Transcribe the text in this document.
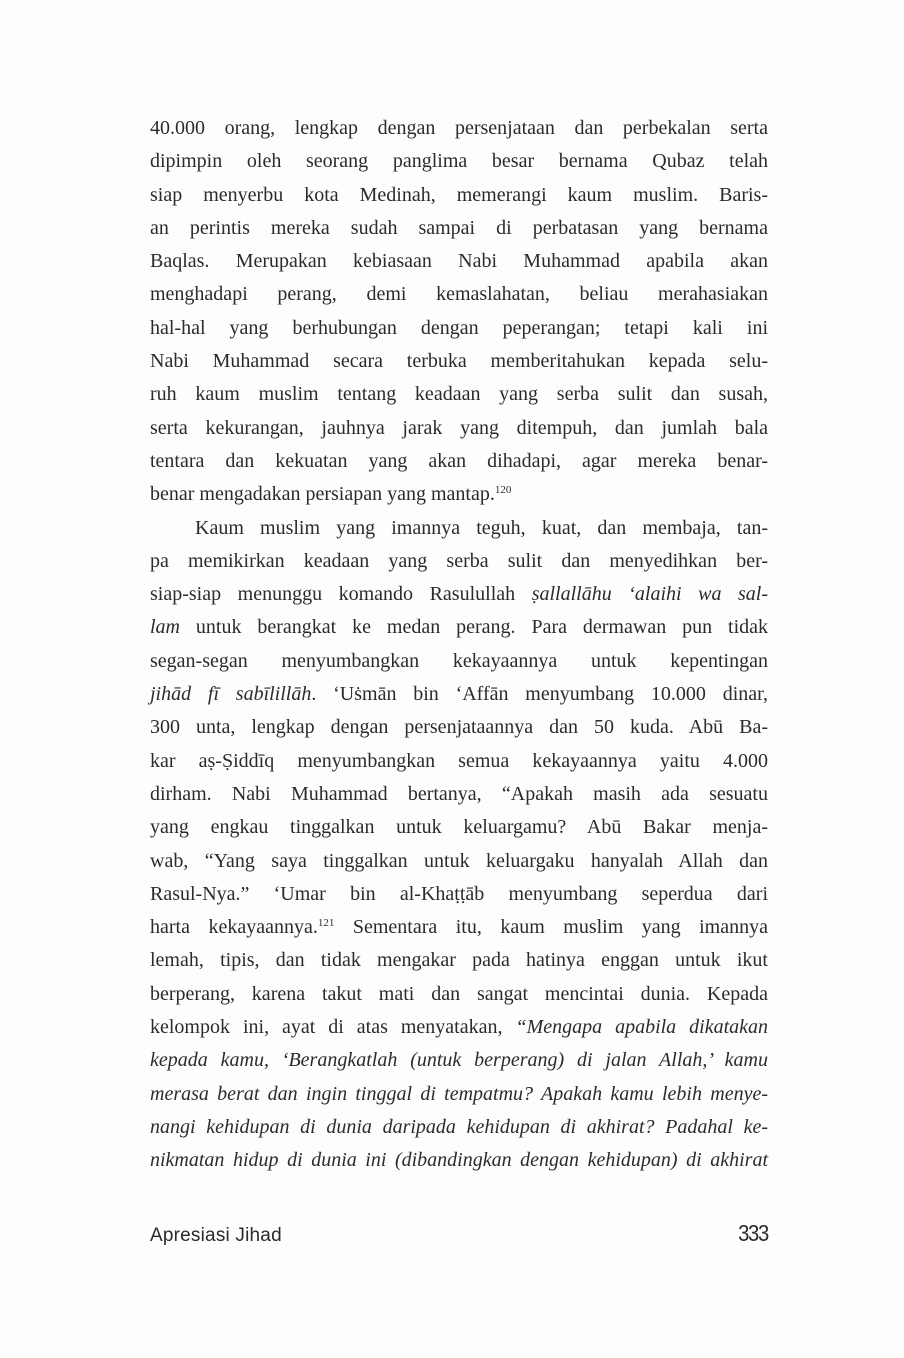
40.000 orang, lengkap dengan persenjataan dan perbekalan serta
dipimpin oleh seorang panglima besar bernama Qubaz telah
siap menyerbu kota Medinah, memerangi kaum muslim. Baris-
an perintis mereka sudah sampai di perbatasan yang bernama
Baqlas. Merupakan kebiasaan Nabi Muhammad apabila akan
menghadapi perang, demi kemaslahatan, beliau merahasiakan
hal-hal yang berhubungan dengan peperangan; tetapi kali ini
Nabi Muhammad secara terbuka memberitahukan kepada selu-
ruh kaum muslim tentang keadaan yang serba sulit dan susah,
serta kekurangan, jauhnya jarak yang ditempuh, dan jumlah bala
tentara dan kekuatan yang akan dihadapi, agar mereka benar-
benar mengadakan persiapan yang mantap.$^{120}$
Kaum muslim yang imannya teguh, kuat, dan membaja, tan-
pa memikirkan keadaan yang serba sulit dan menyedihkan ber-
siap-siap menunggu komando Rasulullah ṣallallāhu ‘alaihi wa sal-
lam untuk berangkat ke medan perang. Para dermawan pun tidak
segan-segan menyumbangkan kekayaannya untuk kepentingan
jihād fī sabīlillāh. ‘Uṡmān bin ‘Affān menyumbang 10.000 dinar,
300 unta, lengkap dengan persenjataannya dan 50 kuda. Abū Ba-
kar aṣ-Ṣiddīq menyumbangkan semua kekayaannya yaitu 4.000
dirham. Nabi Muhammad bertanya, “Apakah masih ada sesuatu
yang engkau tinggalkan untuk keluargamu? Abū Bakar menja-
wab, “Yang saya tinggalkan untuk keluargaku hanyalah Allah dan
Rasul-Nya.” ‘Umar bin al-Khaṭṭāb menyumbang seperdua dari
harta kekayaannya.$^{121}$ Sementara itu, kaum muslim yang imannya
lemah, tipis, dan tidak mengakar pada hatinya enggan untuk ikut
berperang, karena takut mati dan sangat mencintai dunia. Kepada
kelompok ini, ayat di atas menyatakan, “Mengapa apabila dikatakan
kepada kamu, ‘Berangkatlah (untuk berperang) di jalan Allah,’ kamu
merasa berat dan ingin tinggal di tempatmu? Apakah kamu lebih menye-
nangi kehidupan di dunia daripada kehidupan di akhirat? Padahal ke-
nikmatan hidup di dunia ini (dibandingkan dengan kehidupan) di akhirat
Apresiasi Jihad	333
